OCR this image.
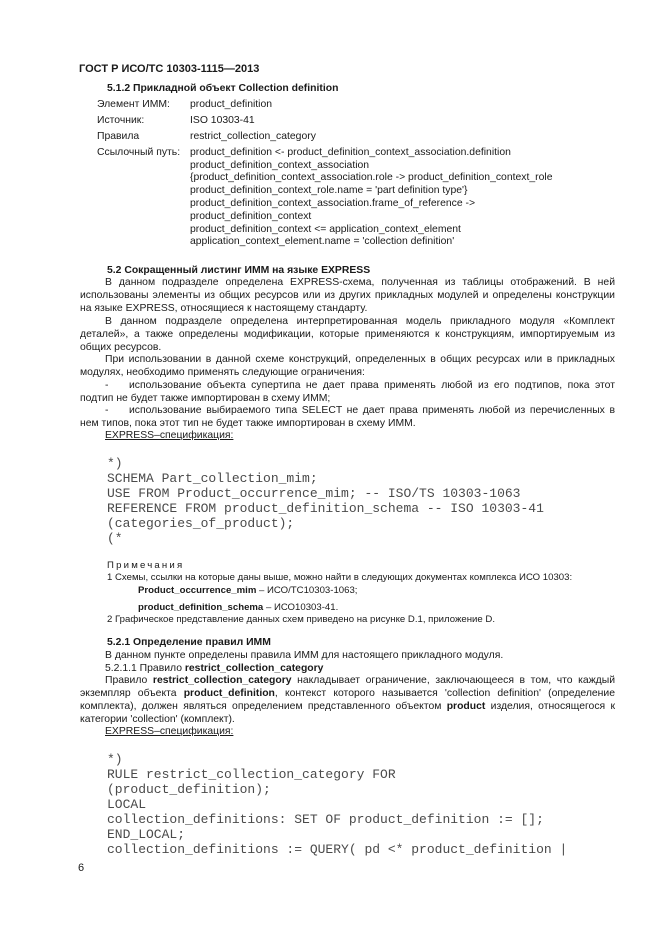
ГОСТ Р ИСО/ТС 10303-1115—2013
5.1.2 Прикладной объект Collection definition
Элемент ИММ: product_definition
Источник:	ISO 10303-41
Правила	restrict_collection_category
Ссылочный путь: product_definition <- product_definition_context_association.definition
product_definition_context_association
{product_definition_context_association.role -> product_definition_context_role
product_definition_context_role.name = 'part definition type'}
product_definition_context_association.frame_of_reference ->
product_definition_context
product_definition_context <= application_context_element
application_context_element.name = 'collection definition'
5.2 Сокращенный листинг ИММ на языке EXPRESS
В данном подразделе определена EXPRESS-схема, полученная из таблицы отображений. В ней использованы элементы из общих ресурсов или из других прикладных модулей и определены конструкции на языке EXPRESS, относящиеся к настоящему стандарту.
В данном подразделе определена интерпретированная модель прикладного модуля «Комплект деталей», а также определены модификации, которые применяются к конструкциям, импортируемым из общих ресурсов.
При использовании в данной схеме конструкций, определенных в общих ресурсах или в прикладных модулях, необходимо применять следующие ограничения:
- использование объекта супертипа не дает права применять любой из его подтипов, пока этот подтип не будет также импортирован в схему ИММ;
- использование выбираемого типа SELECT не дает права применять любой из перечисленных в нем типов, пока этот тип не будет также импортирован в схему ИММ.
EXPRESS–спецификация:
*)
SCHEMA Part_collection_mim;
USE FROM Product_occurrence_mim; -- ISO/TS 10303-1063
REFERENCE FROM product_definition_schema -- ISO 10303-41
(categories_of_product);
(*
Примечания
1 Схемы, ссылки на которые даны выше, можно найти в следующих документах комплекса ИСО 10303:
Product_occurrence_mim – ИСО/ТС10303-1063;
product_definition_schema – ИСО10303-41.
2 Графическое представление данных схем приведено на рисунке D.1, приложение D.
5.2.1 Определение правил ИММ
В данном пункте определены правила ИММ для настоящего прикладного модуля.
5.2.1.1 Правило restrict_collection_category
Правило restrict_collection_category накладывает ограничение, заключающееся в том, что каждый экземпляр объекта product_definition, контекст которого называется 'collection definition' (определение комплекта), должен являться определением представленного объектом product изделия, относящегося к категории 'collection' (комплект).
EXPRESS–спецификация:
*)
RULE restrict_collection_category FOR
(product_definition);
LOCAL
collection_definitions: SET OF product_definition := [];
END_LOCAL;
collection_definitions := QUERY( pd <* product_definition |
6
